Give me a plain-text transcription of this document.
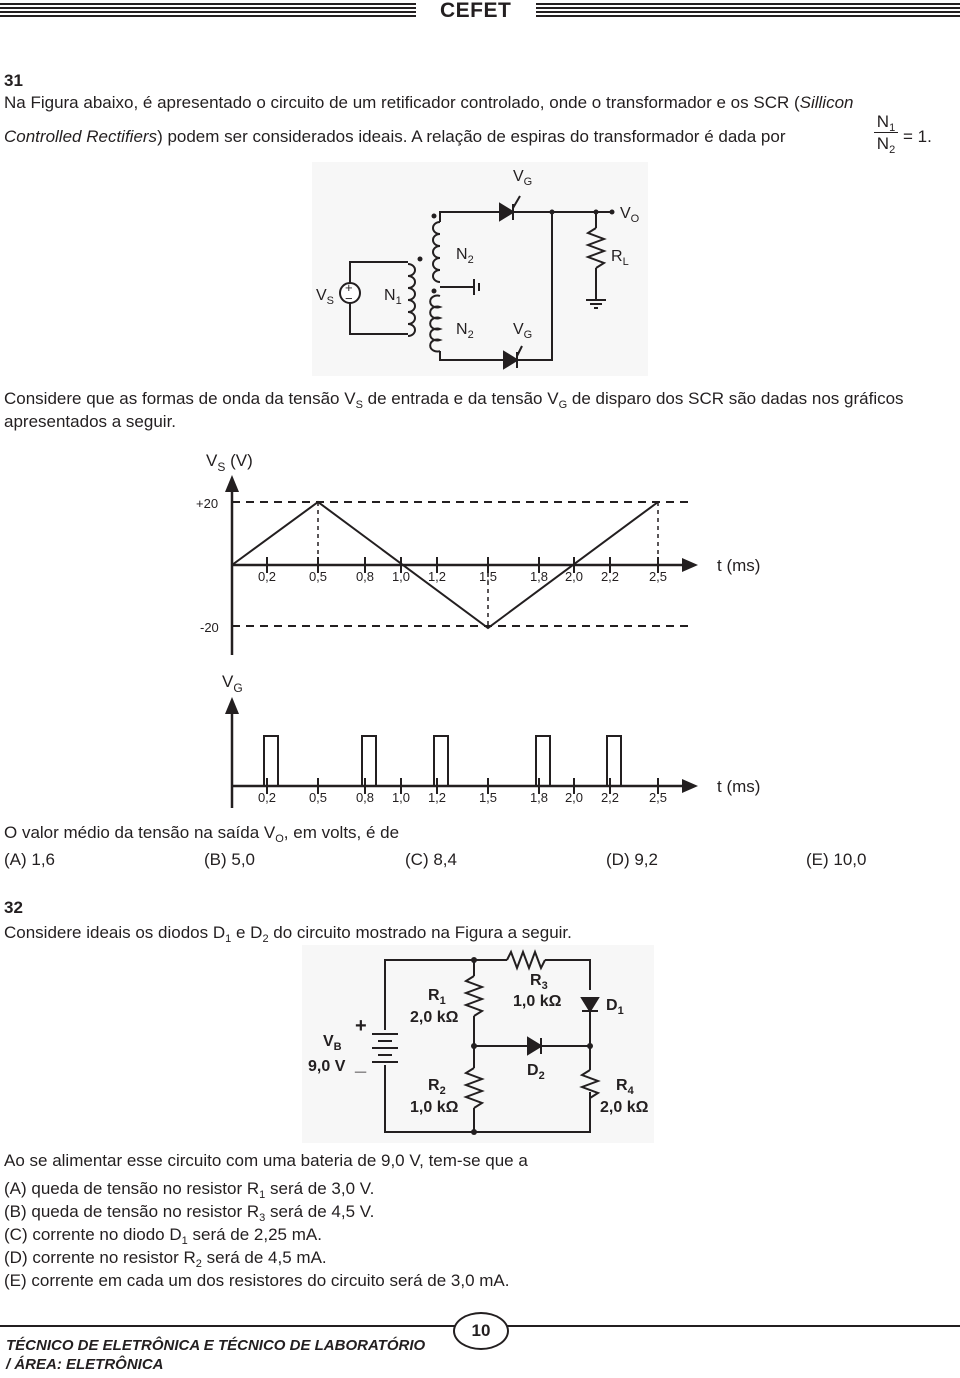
CEFET
31
Na Figura abaixo, é apresentado o circuito de um retificador controlado, onde o transformador e os SCR (Sillicon
Controlled Rectifiers) podem ser considerados ideais. A relação de espiras do transformador é dada por
$N_1$
$N_2$
= 1.
$V_G$
$V_O$
$R_L$
$N_2$
$V_S$	$N_1$
$N_2$ $V_G$
+
−
Considere que as formas de onda da tensão $V_S$ de entrada e da tensão $V_G$ de disparo dos SCR são dadas nos gráficos
apresentados a seguir.
0,2	0,5 0,8 1,0 1,2	1,5	1,8 2,0 2,2 2,5
$V_S$ (V)
+20
-20
t (ms)
0,2	0,5 0,8 1,0 1,2	1,5	1,8 2,0 2,2 2,5
$V_G$
t (ms)
O valor médio da tensão na saída $V_O$, em volts, é de
(A) 1,6	(B) 5,0	(C) 8,4	(D) 9,2	(E) 10,0
32
Considere ideais os diodos $D_1$ e $D_2$ do circuito mostrado na Figura a seguir.
$R_1$
2,0 kΩ
$R_3$
1,0 kΩ	$D_1$
$V_B$
9,0 V
+
_	$D_2$
$R_2$
1,0 kΩ
$R_4$
2,0 kΩ
Ao se alimentar esse circuito com uma bateria de 9,0 V, tem-se que a
(A) queda de tensão no resistor $R_1$ será de 3,0 V.
(B) queda de tensão no resistor $R_3$ será de 4,5 V.
(C) corrente no diodo $D_1$ será de 2,25 mA.
(D) corrente no resistor $R_2$ será de 4,5 mA.
(E) corrente em cada um dos resistores do circuito será de 3,0 mA.
TÉCNICO DE ELETRÔNICA E TÉCNICO DE LABORATÓRIO
/ ÁREA: ELETRÔNICA
10
